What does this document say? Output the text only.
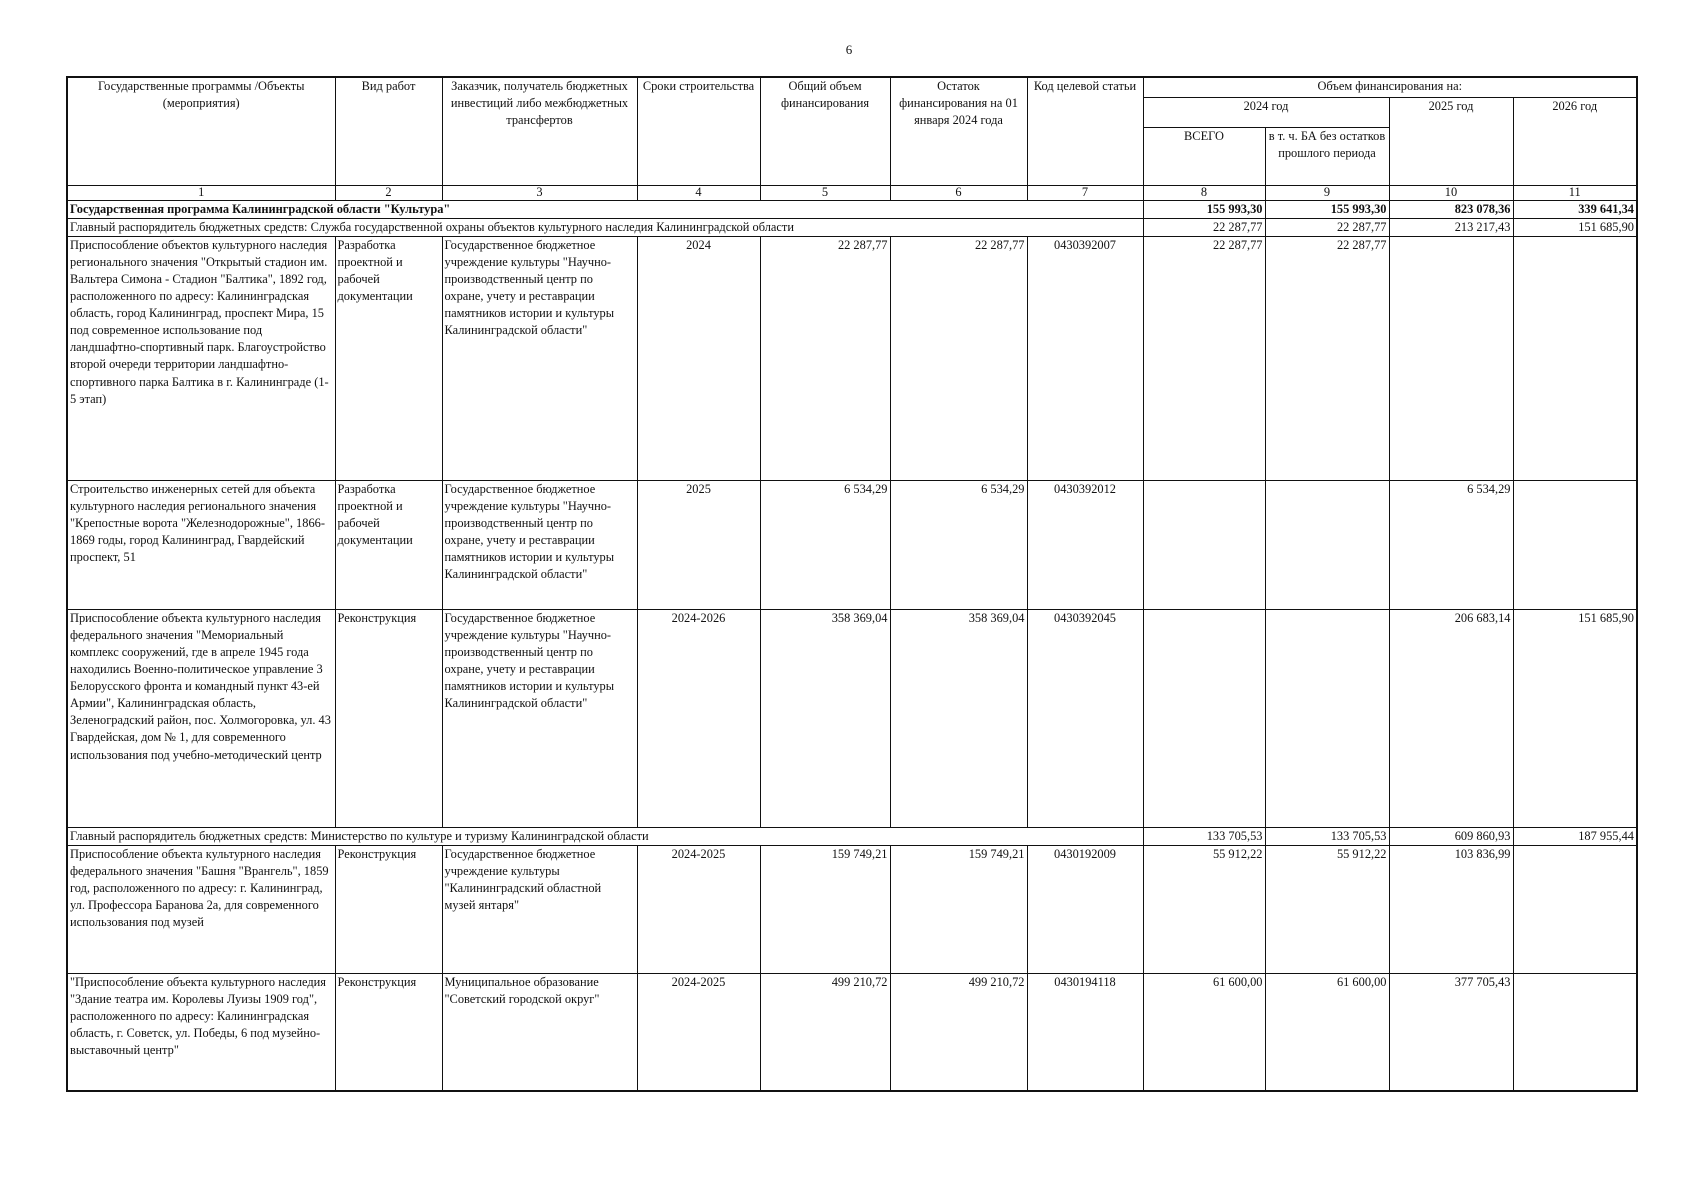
6
Государственные программы /Объекты (мероприятия)	Вид работ	Заказчик, получатель бюджетных инвестиций либо межбюджетных трансфертов	Сроки строительства	Общий объем финансирования	Остаток финансирования на 01 января 2024 года	Код целевой статьи	Объем финансирования на:			
							2024 год		2025 год	2026 год
							ВСЕГО	в т. ч. БА без остатков прошлого периода		
1	2	3	4	5	6	7	8	9	10	11
Государственная программа Калининградской области "Культура"							155 993,30	155 993,30	823 078,36	339 641,34
Главный распорядитель бюджетных средств: Служба государственной охраны объектов культурного наследия Калининградской области							22 287,77	22 287,77	213 217,43	151 685,90
Приспособление объектов культурного наследия регионального значения "Открытый стадион им. Вальтера Симона - Стадион "Балтика", 1892 год, расположенного по адресу: Калининградская область, город Калининград, проспект Мира, 15 под современное использование под ландшафтно-спортивный парк. Благоустройство второй очереди территории ландшафтно-спортивного парка Балтика в г. Калининграде (1-5 этап)	Разработка проектной и рабочей документации	Государственное бюджетное учреждение культуры "Научно-производственный центр по охране, учету и реставрации памятников истории и культуры Калининградской области"	2024	22 287,77	22 287,77	0430392007	22 287,77	22 287,77		
Строительство инженерных сетей для объекта культурного наследия регионального значения "Крепостные ворота "Железнодорожные", 1866-1869 годы, город Калининград, Гвардейский проспект, 51	Разработка проектной и рабочей документации	Государственное бюджетное учреждение культуры "Научно-производственный центр по охране, учету и реставрации памятников истории и культуры Калининградской области"	2025	6 534,29	6 534,29	0430392012			6 534,29	
Приспособление объекта культурного наследия федерального значения "Мемориальный комплекс сооружений, где в апреле 1945 года находились Военно-политическое управление 3 Белорусского фронта и командный пункт 43-ей Армии", Калининградская область, Зеленоградский район, пос. Холмогоровка, ул. 43 Гвардейская, дом № 1, для современного использования под учебно-методический центр	Реконструкция	Государственное бюджетное учреждение культуры "Научно-производственный центр по охране, учету и реставрации памятников истории и культуры Калининградской области"	2024-2026	358 369,04	358 369,04	0430392045			206 683,14	151 685,90
Главный распорядитель бюджетных средств: Министерство по культуре и туризму Калининградской области							133 705,53	133 705,53	609 860,93	187 955,44
Приспособление объекта культурного наследия федерального значения "Башня "Врангель", 1859 год, расположенного по адресу: г. Калининград, ул. Профессора Баранова 2а, для современного использования под музей	Реконструкция	Государственное бюджетное учреждение культуры "Калининградский областной музей янтаря"	2024-2025	159 749,21	159 749,21	0430192009	55 912,22	55 912,22	103 836,99	
"Приспособление объекта культурного наследия "Здание театра им. Королевы Луизы 1909 год", расположенного по адресу: Калининградская область, г. Советск, ул. Победы, 6 под музейно-выставочный центр"	Реконструкция	Муниципальное образование "Советский городской округ"	2024-2025	499 210,72	499 210,72	0430194118	61 600,00	61 600,00	377 705,43	
